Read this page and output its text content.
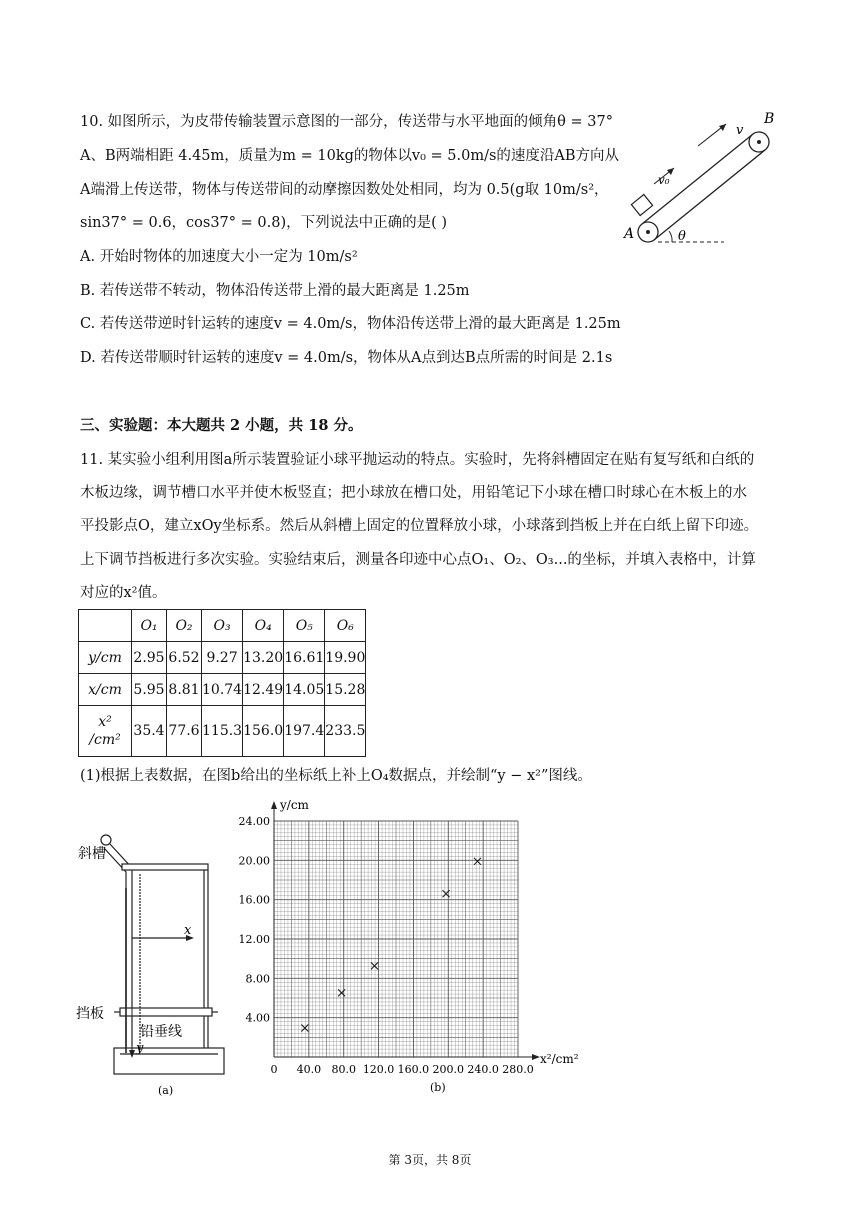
10. 如图所示，为皮带传输装置示意图的一部分，传送带与水平地面的倾角θ = 37°
A、B两端相距 4.45m，质量为m = 10kg的物体以v₀ = 5.0m/s的速度沿AB方向从
A端滑上传送带，物体与传送带间的动摩擦因数处处相同，均为 0.5(g取 10m/s²，
sin37° = 0.6，cos37° = 0.8)，下列说法中正确的是( )
A. 开始时物体的加速度大小一定为 10m/s²
B. 若传送带不转动，物体沿传送带上滑的最大距离是 1.25m
C. 若传送带逆时针运转的速度v = 4.0m/s，物体沿传送带上滑的最大距离是 1.25m
D. 若传送带顺时针运转的速度v = 4.0m/s，物体从A点到达B点所需的时间是 2.1s
A
B
v
v₀
θ
三、实验题：本大题共 2 小题，共 18 分。
11. 某实验小组利用图a所示装置验证小球平抛运动的特点。实验时，先将斜槽固定在贴有复写纸和白纸的
木板边缘，调节槽口水平并使木板竖直；把小球放在槽口处，用铅笔记下小球在槽口时球心在木板上的水
平投影点O，建立xOy坐标系。然后从斜槽上固定的位置释放小球，小球落到挡板上并在白纸上留下印迹。
上下调节挡板进行多次实验。实验结束后，测量各印迹中心点O₁、O₂、O₃...的坐标，并填入表格中，计算
对应的x²值。
	O₁	O₂	O₃	O₄	O₅	O₆
y/cm	2.95	6.52	9.27	13.20	16.61	19.90
x/cm	5.95	8.81	10.74	12.49	14.05	15.28

x²
/cm²	35.4	77.6	115.3	156.0	197.4	233.5
(1)根据上表数据，在图b给出的坐标纸上补上O₄数据点，并绘制“y − x²”图线。
x
y
斜槽
挡板
铅垂线
(a)
0 40.0 80.0 120.0 160.0 200.0 240.0 280.0
4.00
8.00
12.00
16.00
20.00
24.00
x²/cm²
y/cm
(b)
第 3页，共 8页
